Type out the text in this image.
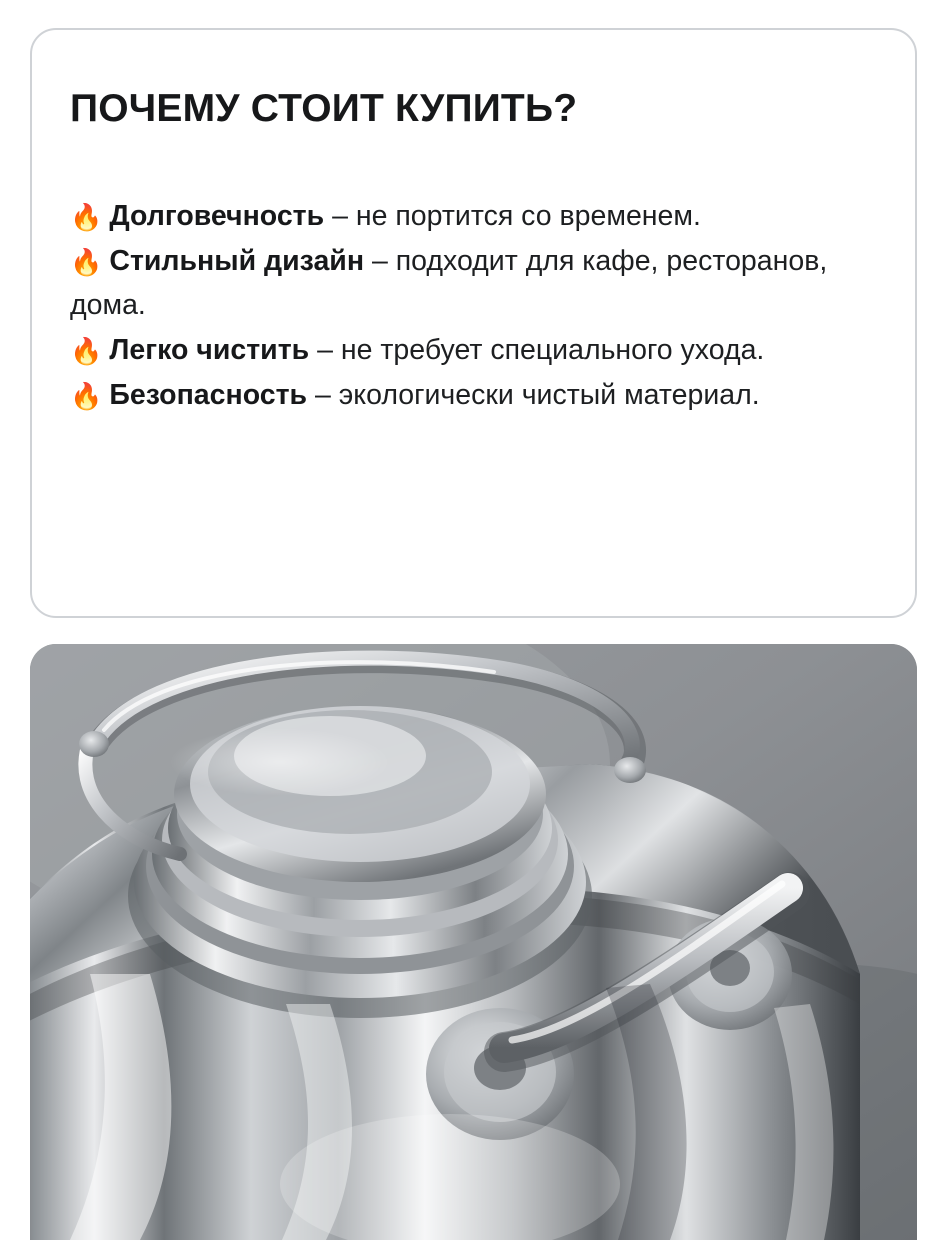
ПОЧЕМУ СТОИТ КУПИТЬ?
🔥 Долговечность – не портится со временем.
🔥 Стильный дизайн – подходит для кафе, ресторанов, дома.
🔥 Легко чистить – не требует специального ухода.
🔥 Безопасность – экологически чистый материал.
